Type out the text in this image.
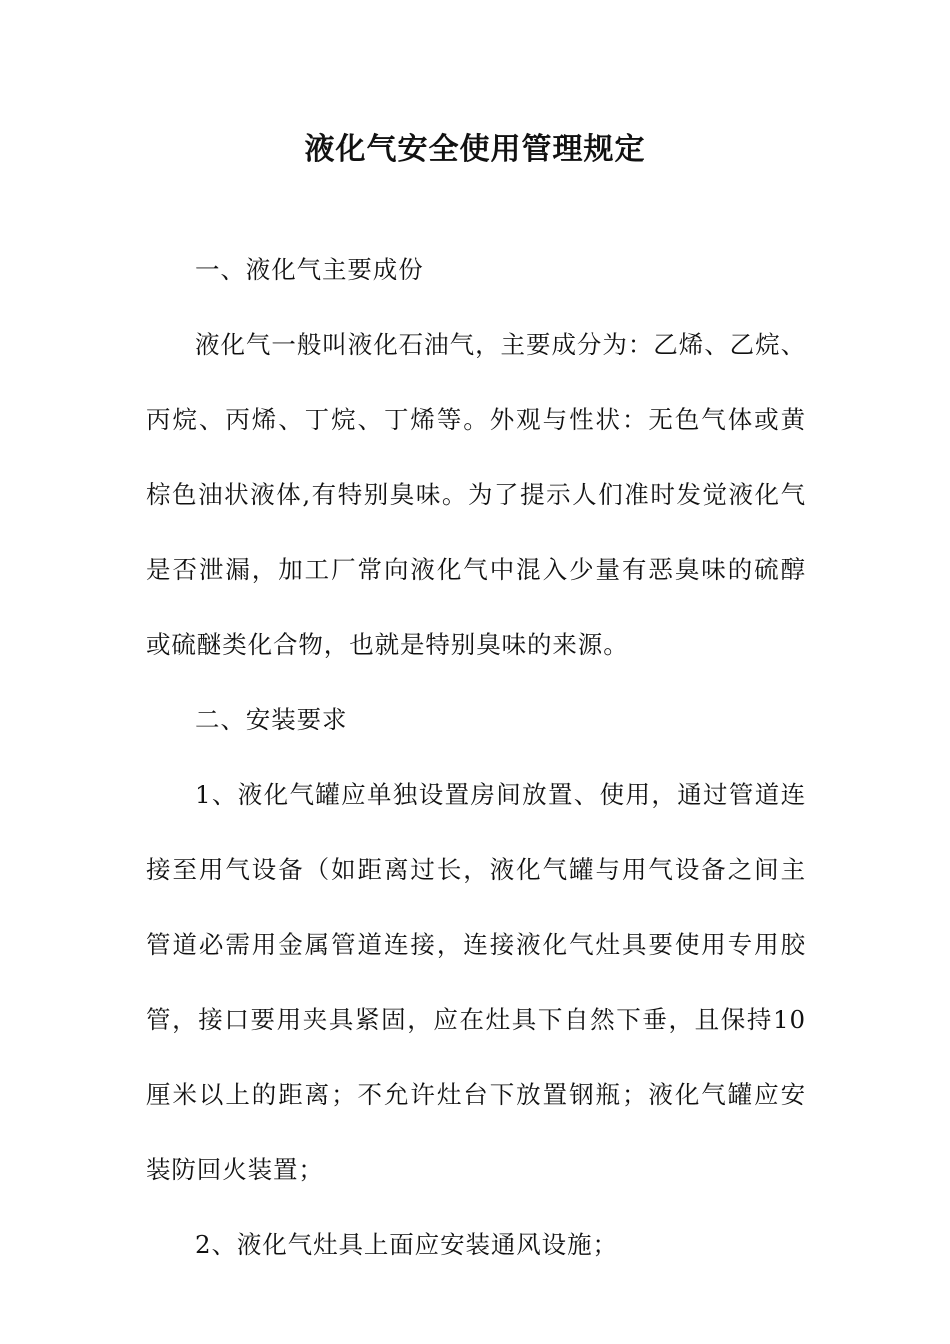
液化气安全使用管理规定

一、液化气主要成份

液化气一般叫液化石油气，主要成分为：乙烯、乙烷、丙烷、丙烯、丁烷、丁烯等。外观与性状：无色气体或黄棕色油状液体,有特别臭味。为了提示人们准时发觉液化气是否泄漏，加工厂常向液化气中混入少量有恶臭味的硫醇或硫醚类化合物，也就是特别臭味的来源。

二、安装要求

1、液化气罐应单独设置房间放置、使用，通过管道连接至用气设备（如距离过长，液化气罐与用气设备之间主管道必需用金属管道连接，连接液化气灶具要使用专用胶管，接口要用夹具紧固，应在灶具下自然下垂，且保持10厘米以上的距离；不允许灶台下放置钢瓶；液化气罐应安装防回火装置；

2、液化气灶具上面应安装通风设施；
